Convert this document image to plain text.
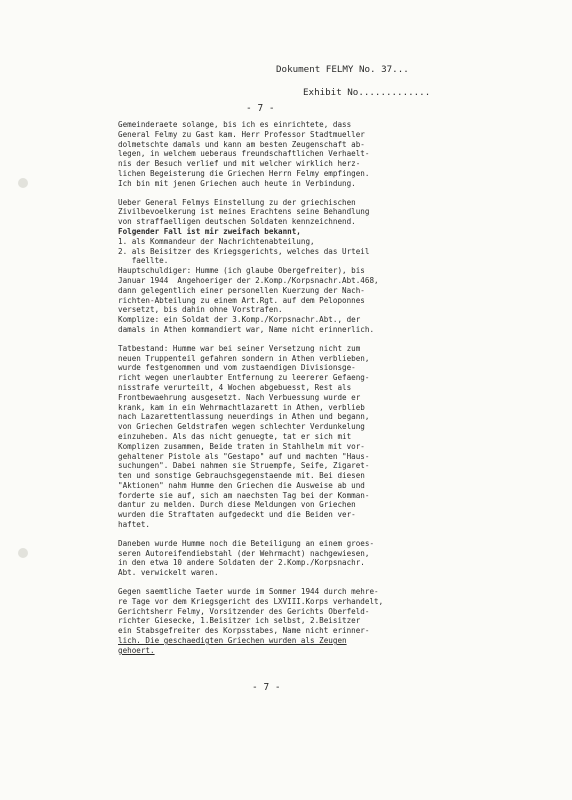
Dokument FELMY No. 37...
Exhibit No.............
- 7 -

Gemeinderaete solange, bis ich es einrichtete, dass

General Felmy zu Gast kam. Herr Professor Stadtmueller

dolmetschte damals und kann am besten Zeugenschaft ab-

legen, in welchem ueberaus freundschaftlichen Verhaelt-

nis der Besuch verlief und mit welcher wirklich herz-

lichen Begeisterung die Griechen Herrn Felmy empfingen.

Ich bin mit jenen Griechen auch heute in Verbindung.

Ueber General Felmys Einstellung zu der griechischen

Zivilbevoelkerung ist meines Erachtens seine Behandlung

von straffaelligen deutschen Soldaten kennzeichnend.

Folgender Fall ist mir zweifach bekannt,

1. als Kommandeur der Nachrichtenabteilung,

2. als Beisitzer des Kriegsgerichts, welches das Urteil

faellte.

Hauptschuldiger: Humme (ich glaube Obergefreiter), bis

Januar 1944  Angehoeriger der 2.Komp./Korpsnachr.Abt.468,

dann gelegentlich einer personellen Kuerzung der Nach-

richten-Abteilung zu einem Art.Rgt. auf dem Peloponnes

versetzt, bis dahin ohne Vorstrafen.

Komplize: ein Soldat der 3.Komp./Korpsnachr.Abt., der

damals in Athen kommandiert war, Name nicht erinnerlich.

Tatbestand: Humme war bei seiner Versetzung nicht zum

neuen Truppenteil gefahren sondern in Athen verblieben,

wurde festgenommen und vom zustaendigen Divisionsge-

richt wegen unerlaubter Entfernung zu leererer Gefaeng-

nisstrafe verurteilt, 4 Wochen abgebuesst, Rest als

Frontbewaehrung ausgesetzt. Nach Verbuessung wurde er

krank, kam in ein Wehrmachtlazarett in Athen, verblieb

nach Lazarettentlassung neuerdings in Athen und begann,

von Griechen Geldstrafen wegen schlechter Verdunkelung

einzuheben. Als das nicht genuegte, tat er sich mit

Komplizen zusammen, Beide traten in Stahlhelm mit vor-

gehaltener Pistole als "Gestapo" auf und machten "Haus-

suchungen". Dabei nahmen sie Struempfe, Seife, Zigaret-

ten und sonstige Gebrauchsgegenstaende mit. Bei diesen

"Aktionen" nahm Humme den Griechen die Ausweise ab und

forderte sie auf, sich am naechsten Tag bei der Komman-

dantur zu melden. Durch diese Meldungen von Griechen

wurden die Straftaten aufgedeckt und die Beiden ver-

haftet.

Daneben wurde Humme noch die Beteiligung an einem groes-

seren Autoreifendiebstahl (der Wehrmacht) nachgewiesen,

in den etwa 10 andere Soldaten der 2.Komp./Korpsnachr.

Abt. verwickelt waren.

Gegen saemtliche Taeter wurde im Sommer 1944 durch mehre-

re Tage vor dem Kriegsgericht des LXVIII.Korps verhandelt,

Gerichtsherr Felmy, Vorsitzender des Gerichts Oberfeld-

richter Giesecke, 1.Beisitzer ich selbst, 2.Beisitzer

ein Stabsgefreiter des Korpsstabes, Name nicht erinner-

lich. Die geschaedigten Griechen wurden als Zeugen

gehoert.

- 7 -
